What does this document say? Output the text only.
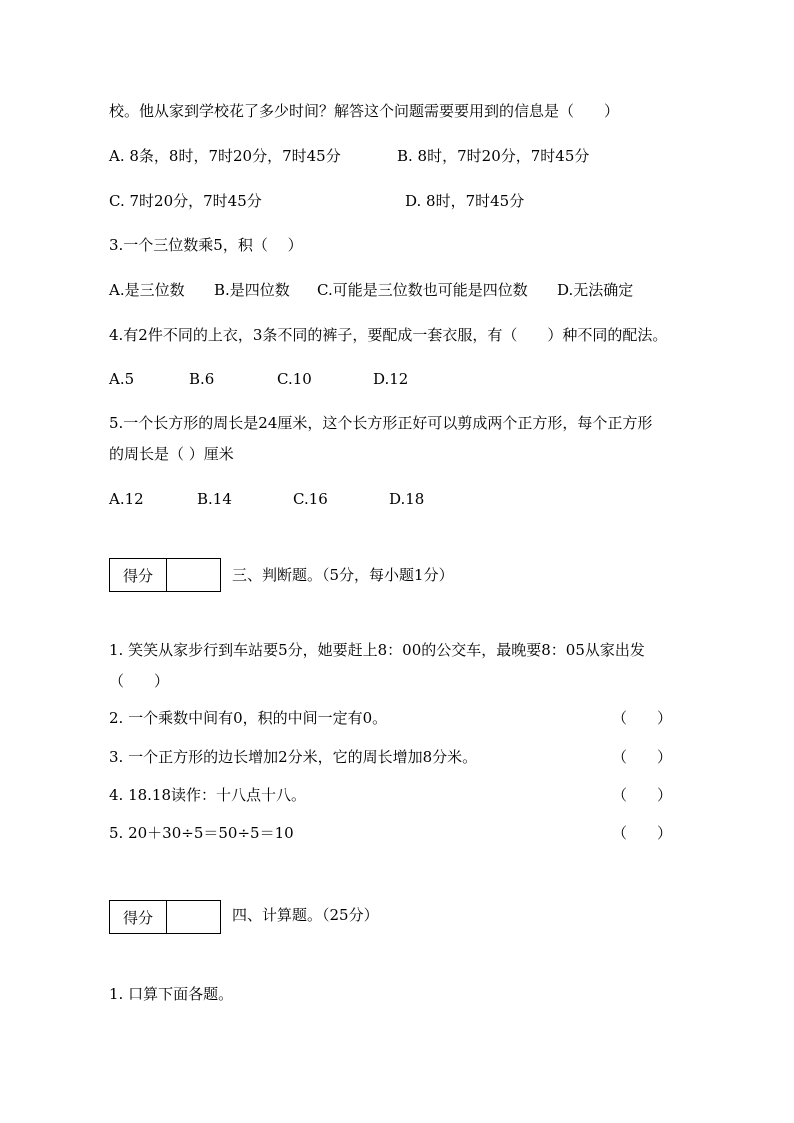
校。他从家到学校花了多少时间？解答这个问题需要要用到的信息是（　　）
A. 8条，8时，7时20分，7时45分	B. 8时，7时20分，7时45分
C. 7时20分，7时45分	D. 8时，7时45分
3.一个三位数乘5，积（　 ）
A.是三位数 B.是四位数 C.可能是三位数也可能是四位数 D.无法确定
4.有2件不同的上衣，3条不同的裤子，要配成一套衣服，有（　　）种不同的配法。
A.5	B.6	C.10	D.12
5.一个长方形的周长是24厘米，这个长方形正好可以剪成两个正方形，每个正方形
的周长是（ ）厘米
A.12	B.14	C.16	D.18
得分	三、判断题。（5分，每小题1分）
1. 笑笑从家步行到车站要5分，她要赶上8：00的公交车，最晚要8：05从家出发
（　　）
2. 一个乘数中间有0，积的中间一定有0。	（　　）
3. 一个正方形的边长增加2分米，它的周长增加8分米。	（　　）
4. 18.18读作：十八点十八。	（　　）
5. 20＋30÷5＝50÷5＝10	（　　）
得分	四、计算题。（25分）
1. 口算下面各题。
